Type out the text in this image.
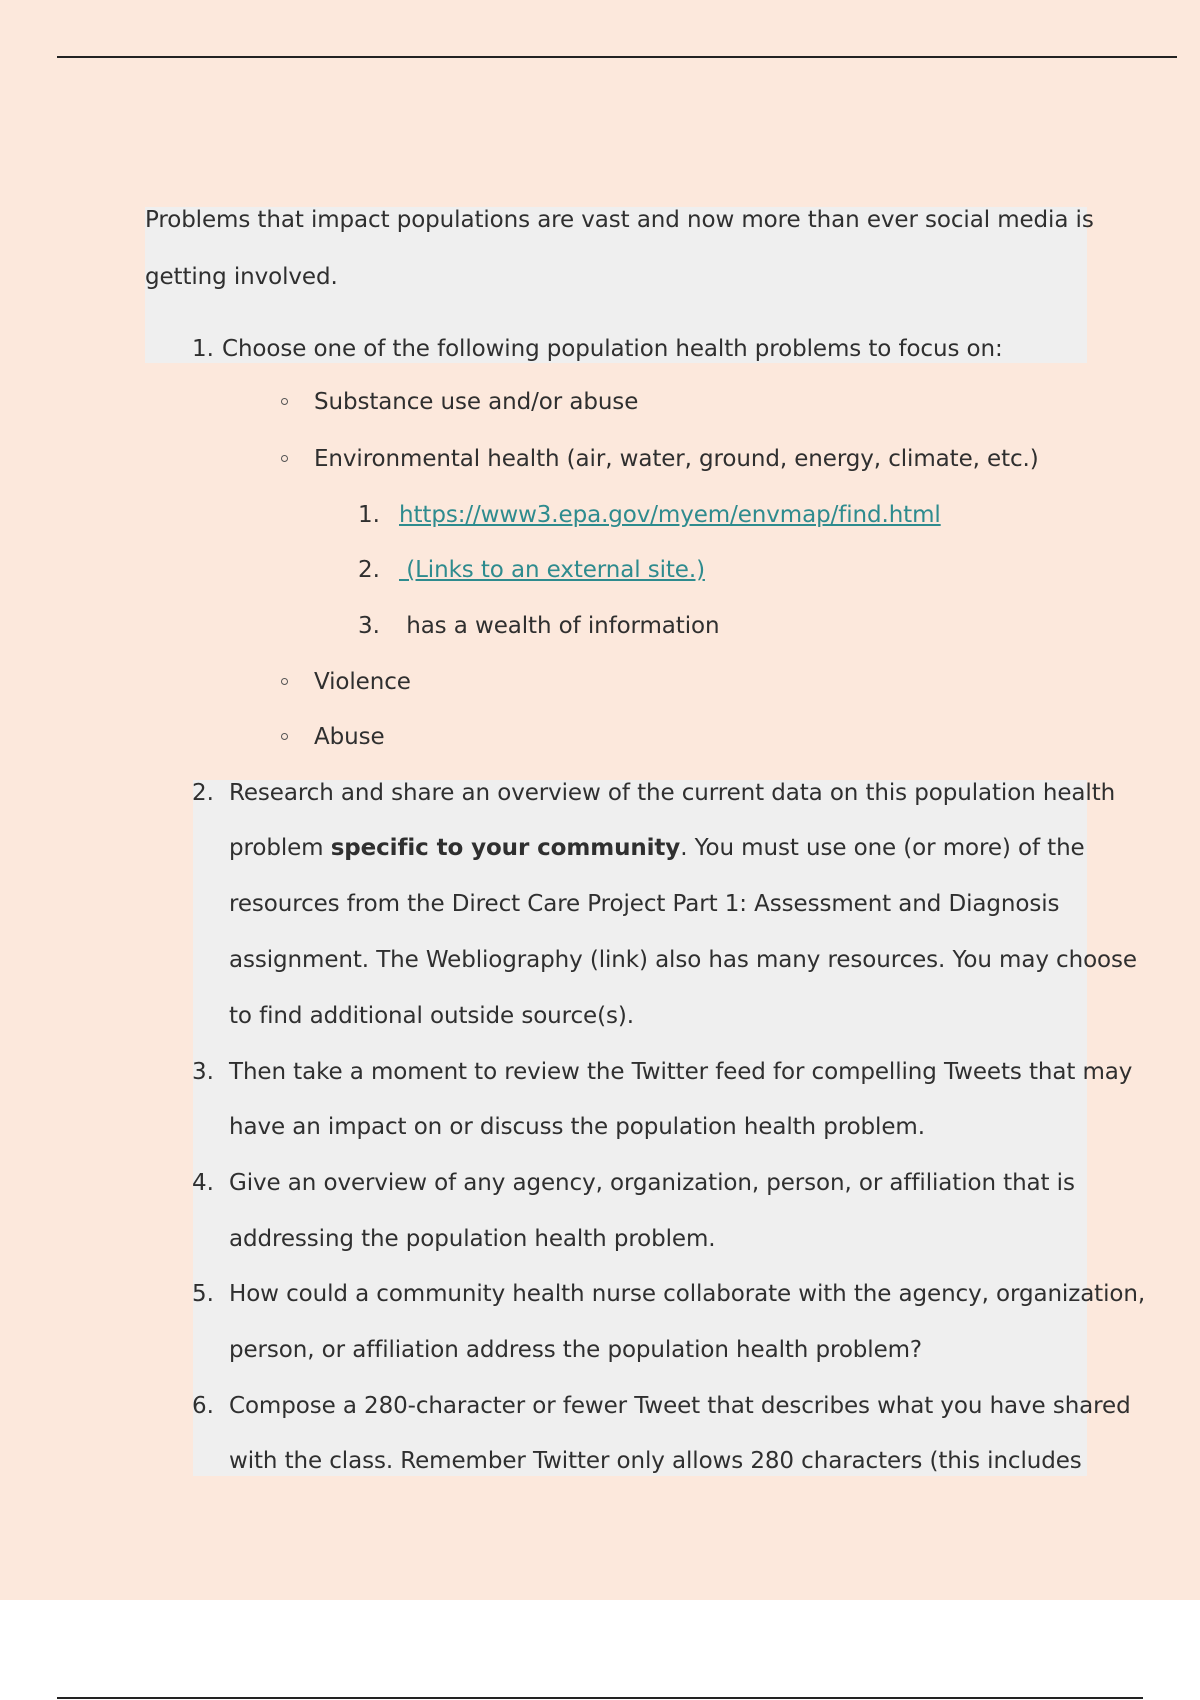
Problems that impact populations are vast and now more than ever social media is
getting involved.
1. Choose one of the following population health problems to focus on:
Substance use and/or abuse
Environmental health (air, water, ground, energy, climate, etc.)
1. https://www3.epa.gov/myem/envmap/find.html
2. (Links to an external site.)
3. has a wealth of information
Violence
Abuse
2. Research and share an overview of the current data on this population health
problem specific to your community. You must use one (or more) of the
resources from the Direct Care Project Part 1: Assessment and Diagnosis
assignment. The Webliography (link) also has many resources. You may choose
to find additional outside source(s).
3. Then take a moment to review the Twitter feed for compelling Tweets that may
have an impact on or discuss the population health problem.
4. Give an overview of any agency, organization, person, or affiliation that is
addressing the population health problem.
5. How could a community health nurse collaborate with the agency, organization,
person, or affiliation address the population health problem?
6. Compose a 280-character or fewer Tweet that describes what you have shared
with the class. Remember Twitter only allows 280 characters (this includes
